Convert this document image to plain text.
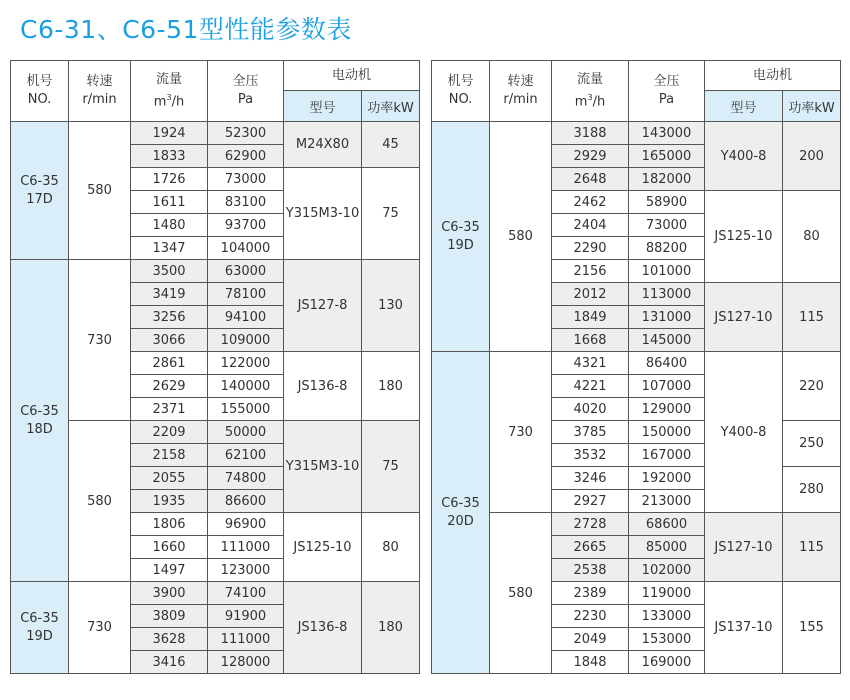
C6-31、C6-51型性能参数表
机号
NO.	转速
r/min	流量
$m^3/h$	全压
Pa	电动机	
				型号	功率kW

C6-35
17D	580	1924	52300	M24X80	45
		1833	62900		
		1726	73000	Y315M3-10	75
		1611	83100		
		1480	93700		
		1347	104000		

C6-35
18D	730	3500	63000	JS127-8	130
		3419	78100		
		3256	94100		
		3066	109000		
		2861	122000	JS136-8	180
		2629	140000		
		2371	155000		
	580	2209	50000	Y315M3-10	75
		2158	62100		
		2055	74800		
		1935	86600		
		1806	96900	JS125-10	80
		1660	111000		
		1497	123000		

C6-35
19D	730	3900	74100	JS136-8	180
		3809	91900		
		3628	111000		
		3416	128000		
机号
NO.	转速
r/min	流量
$m^3/h$	全压
Pa	电动机	
				型号	功率kW

C6-35
19D	580	3188	143000	Y400-8	200
		2929	165000		
		2648	182000		
		2462	58900	JS125-10	80
		2404	73000		
		2290	88200		
		2156	101000		
		2012	113000	JS127-10	115
		1849	131000		
		1668	145000		

C6-35
20D	730	4321	86400	Y400-8	220
		4221	107000		
		4020	129000		
		3785	150000		250
		3532	167000		
		3246	192000		280
		2927	213000		
	580	2728	68600	JS127-10	115
		2665	85000		
		2538	102000		
		2389	119000	JS137-10	155
		2230	133000		
		2049	153000		
		1848	169000		
